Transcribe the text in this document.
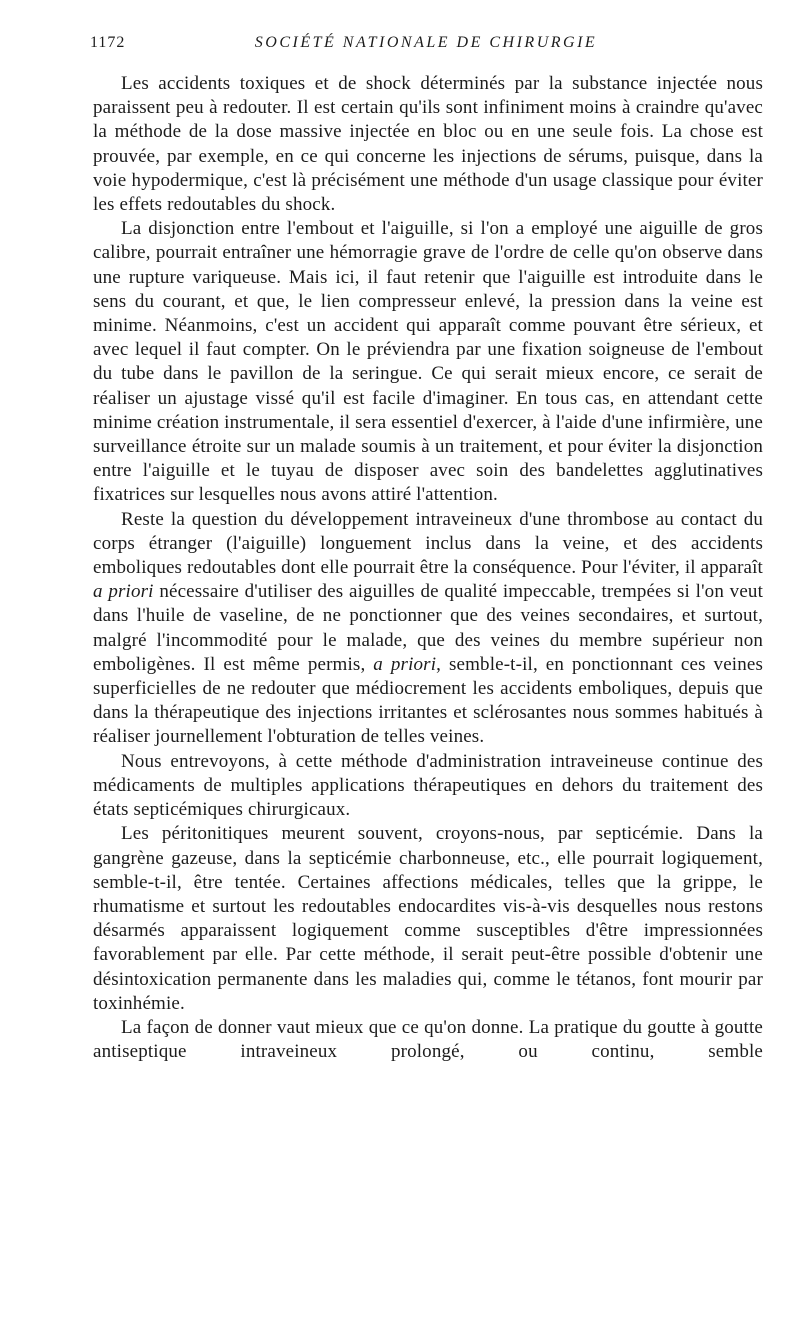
1172	SOCIÉTÉ NATIONALE DE CHIRURGIE

Les accidents toxiques et de shock déterminés par la substance injectée nous paraissent peu à redouter. Il est certain qu'ils sont infiniment moins à craindre qu'avec la méthode de la dose massive injectée en bloc ou en une seule fois. La chose est prouvée, par exemple, en ce qui concerne les injections de sérums, puisque, dans la voie hypodermique, c'est là précisément une méthode d'un usage classique pour éviter les effets redoutables du shock.

La disjonction entre l'embout et l'aiguille, si l'on a employé une aiguille de gros calibre, pourrait entraîner une hémorragie grave de l'ordre de celle qu'on observe dans une rupture variqueuse. Mais ici, il faut retenir que l'aiguille est introduite dans le sens du courant, et que, le lien compresseur enlevé, la pression dans la veine est minime. Néanmoins, c'est un accident qui apparaît comme pouvant être sérieux, et avec lequel il faut compter. On le préviendra par une fixation soigneuse de l'embout du tube dans le pavillon de la seringue. Ce qui serait mieux encore, ce serait de réaliser un ajustage vissé qu'il est facile d'imaginer. En tous cas, en attendant cette minime création instrumentale, il sera essentiel d'exercer, à l'aide d'une infirmière, une surveillance étroite sur un malade soumis à un traitement, et pour éviter la disjonction entre l'aiguille et le tuyau de disposer avec soin des bandelettes agglutinatives fixatrices sur lesquelles nous avons attiré l'attention.

Reste la question du développement intraveineux d'une thrombose au contact du corps étranger (l'aiguille) longuement inclus dans la veine, et des accidents emboliques redoutables dont elle pourrait être la conséquence. Pour l'éviter, il apparaît a priori nécessaire d'utiliser des aiguilles de qualité impeccable, trempées si l'on veut dans l'huile de vaseline, de ne ponctionner que des veines secondaires, et surtout, malgré l'incommodité pour le malade, que des veines du membre supérieur non emboligènes. Il est même permis, a priori, semble-t-il, en ponctionnant ces veines superficielles de ne redouter que médiocrement les accidents emboliques, depuis que dans la thérapeutique des injections irritantes et sclérosantes nous sommes habitués à réaliser journellement l'obturation de telles veines.

Nous entrevoyons, à cette méthode d'administration intraveineuse continue des médicaments de multiples applications thérapeutiques en dehors du traitement des états septicémiques chirurgicaux.

Les péritonitiques meurent souvent, croyons-nous, par septicémie. Dans la gangrène gazeuse, dans la septicémie charbonneuse, etc., elle pourrait logiquement, semble-t-il, être tentée. Certaines affections médicales, telles que la grippe, le rhumatisme et surtout les redoutables endocardites vis-à-vis desquelles nous restons désarmés apparaissent logiquement comme susceptibles d'être impressionnées favorablement par elle. Par cette méthode, il serait peut-être possible d'obtenir une désintoxication permanente dans les maladies qui, comme le tétanos, font mourir par toxinhémie.

La façon de donner vaut mieux que ce qu'on donne. La pratique du goutte à goutte antiseptique intraveineux prolongé, ou continu, semble
